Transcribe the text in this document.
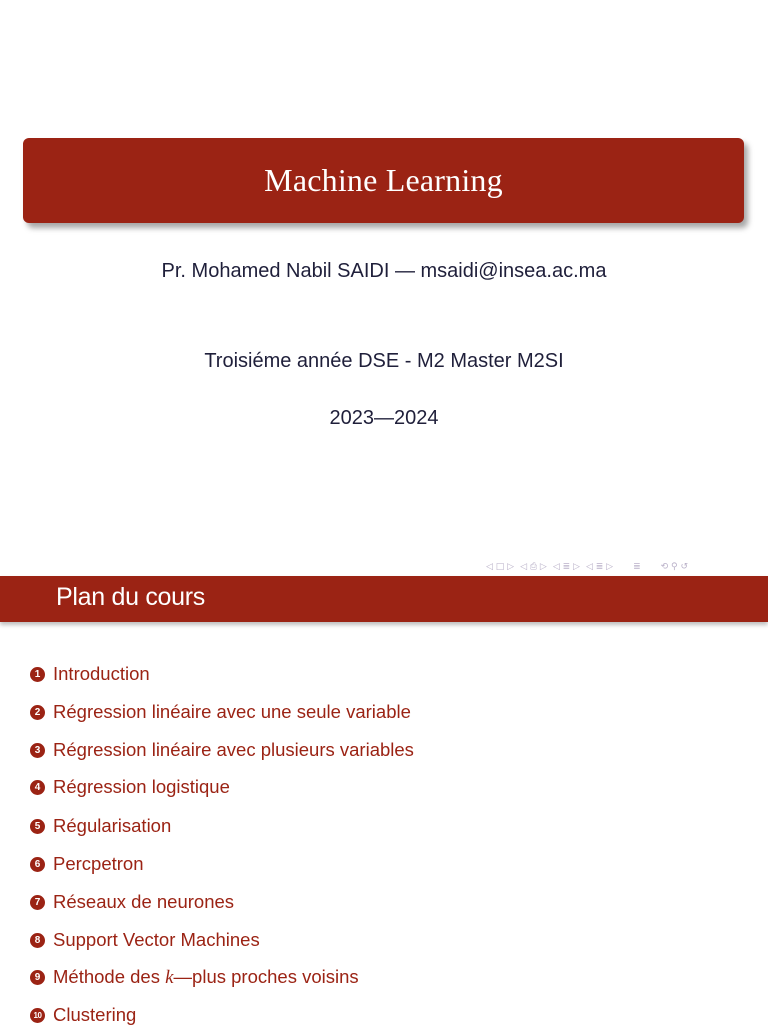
Machine Learning
Pr. Mohamed Nabil SAIDI — msaidi@insea.ac.ma
Troisiéme année DSE - M2 Master M2SI
2023—2024
◁ □ ▷ ◁ ⎙ ▷ ◁ ≣ ▷ ◁ ≣ ▷ ≣ ⟲ ⚲ ↺
Plan du cours
1 Introduction
2 Régression linéaire avec une seule variable
3 Régression linéaire avec plusieurs variables
4 Régression logistique
5 Régularisation
6 Percpetron
7 Réseaux de neurones
8 Support Vector Machines
9 Méthode des k—plus proches voisins
10 Clustering
